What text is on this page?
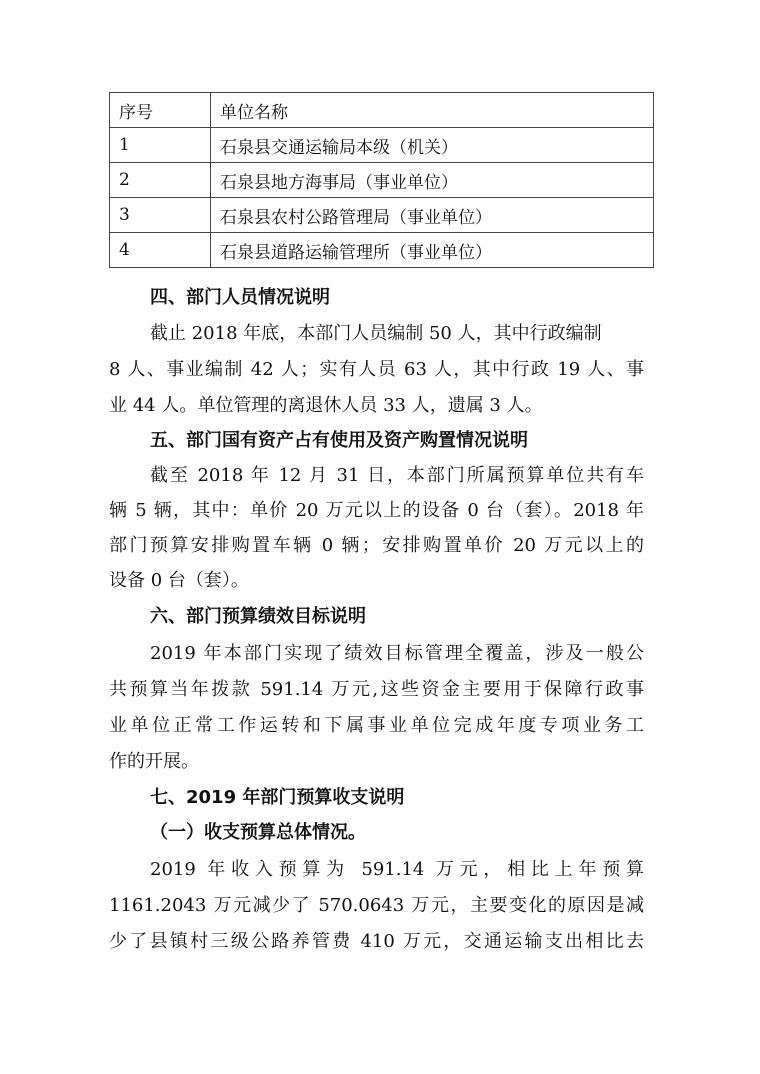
序号	单位名称
1	石泉县交通运输局本级（机关）
2	石泉县地方海事局（事业单位）
3	石泉县农村公路管理局（事业单位）
4	石泉县道路运输管理所（事业单位）
四、部门人员情况说明
截止 2018 年底，本部门人员编制 50 人，其中行政编制
8 人、事业编制 42 人；实有人员 63 人，其中行政 19 人、事
业 44 人。单位管理的离退休人员 33 人，遗属 3 人。
五、部门国有资产占有使用及资产购置情况说明
截至 2018 年 12 月 31 日，本部门所属预算单位共有车
辆 5 辆，其中：单价 20 万元以上的设备 0 台（套）。2018 年
部门预算安排购置车辆 0 辆；安排购置单价 20 万元以上的
设备 0 台（套）。
六、部门预算绩效目标说明
2019 年本部门实现了绩效目标管理全覆盖，涉及一般公
共预算当年拨款 591.14 万元,这些资金主要用于保障行政事
业单位正常工作运转和下属事业单位完成年度专项业务工
作的开展。
七、2019 年部门预算收支说明
（一）收支预算总体情况。
2019 年收入预算为 591.14 万元，相比上年预算
1161.2043 万元减少了 570.0643 万元，主要变化的原因是减
少了县镇村三级公路养管费 410 万元，交通运输支出相比去
